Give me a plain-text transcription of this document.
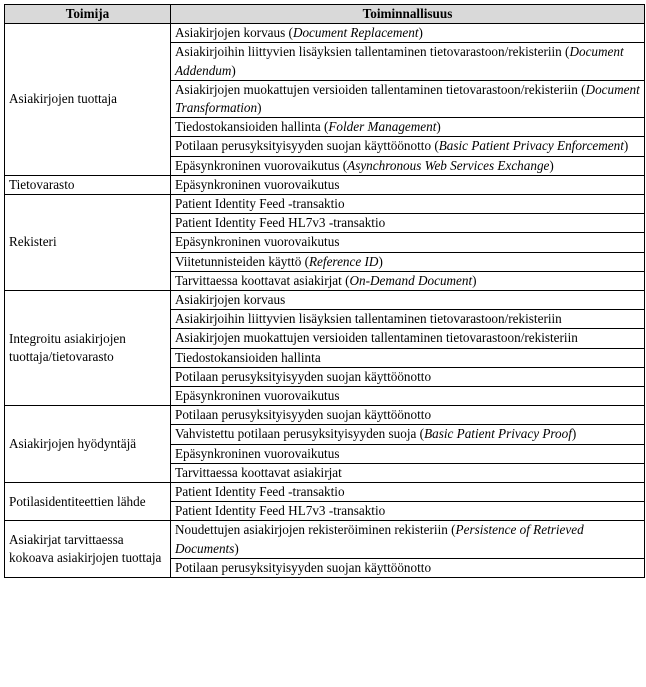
Toimija	Toiminnallisuus
Asiakirjojen tuottaja	Asiakirjojen korvaus (Document Replacement)
	Asiakirjoihin liittyvien lisäyksien tallentaminen tietovarastoon/rekisteriin (Document Addendum)
	Asiakirjojen muokattujen versioiden tallentaminen tietovarastoon/rekisteriin (Document Transformation)
	Tiedostokansioiden hallinta (Folder Management)
	Potilaan perusyksityisyyden suojan käyttöönotto (Basic Patient Privacy Enforcement)
	Epäsynkroninen vuorovaikutus (Asynchronous Web Services Exchange)
Tietovarasto	Epäsynkroninen vuorovaikutus
Rekisteri	Patient Identity Feed -transaktio
	Patient Identity Feed HL7v3 -transaktio
	Epäsynkroninen vuorovaikutus
	Viitetunnisteiden käyttö (Reference ID)
	Tarvittaessa koottavat asiakirjat (On-Demand Document)
Integroitu asiakirjojen tuottaja/tietovarasto	Asiakirjojen korvaus
	Asiakirjoihin liittyvien lisäyksien tallentaminen tietovarastoon/rekisteriin
	Asiakirjojen muokattujen versioiden tallentaminen tietovarastoon/rekisteriin
	Tiedostokansioiden hallinta
	Potilaan perusyksityisyyden suojan käyttöönotto
	Epäsynkroninen vuorovaikutus
Asiakirjojen hyödyntäjä	Potilaan perusyksityisyyden suojan käyttöönotto
	Vahvistettu potilaan perusyksityisyyden suoja (Basic Patient Privacy Proof)
	Epäsynkroninen vuorovaikutus
	Tarvittaessa koottavat asiakirjat
Potilasidentiteettien lähde	Patient Identity Feed -transaktio
	Patient Identity Feed HL7v3 -transaktio
Asiakirjat tarvittaessa kokoava asiakirjojen tuottaja	Noudettujen asiakirjojen rekisteröiminen rekisteriin (Persistence of Retrieved Documents)
	Potilaan perusyksityisyyden suojan käyttöönotto
